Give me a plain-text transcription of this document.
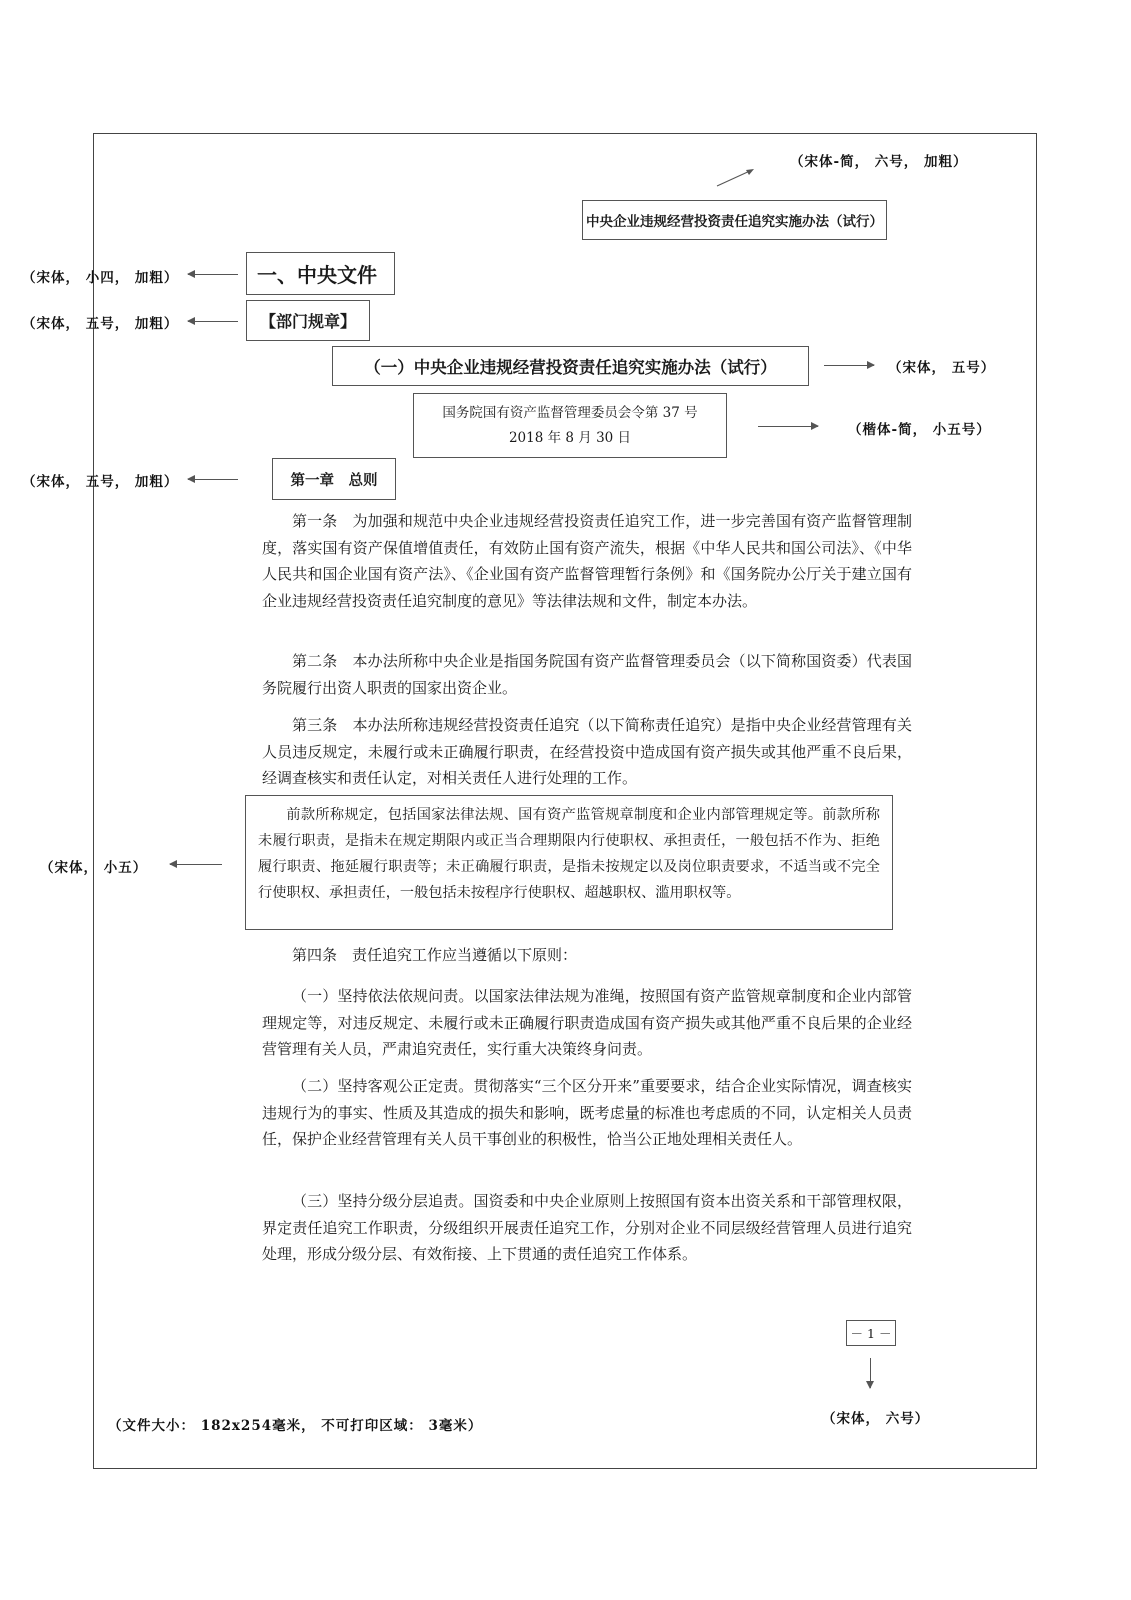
（宋体-简， 六号， 加粗）
中央企业违规经营投资责任追究实施办法（试行）
（宋体， 小四， 加粗）	一、中央文件
（宋体， 五号， 加粗）	【部门规章】
（一）中央企业违规经营投资责任追究实施办法（试行）	（宋体， 五号）
国务院国有资产监督管理委员会令第 37 号
2018 年 8 月 30 日	（楷体-简， 小五号）
（宋体， 五号， 加粗）	第一章　总则
第一条　为加强和规范中央企业违规经营投资责任追究工作，进一步完善国有资产监督管理制度，落实国有资产保值增值责任，有效防止国有资产流失，根据《中华人民共和国公司法》、《中华人民共和国企业国有资产法》、《企业国有资产监督管理暂行条例》和《国务院办公厅关于建立国有企业违规经营投资责任追究制度的意见》等法律法规和文件，制定本办法。
第二条　本办法所称中央企业是指国务院国有资产监督管理委员会（以下简称国资委）代表国务院履行出资人职责的国家出资企业。
第三条　本办法所称违规经营投资责任追究（以下简称责任追究）是指中央企业经营管理有关人员违反规定，未履行或未正确履行职责，在经营投资中造成国有资产损失或其他严重不良后果，经调查核实和责任认定，对相关责任人进行处理的工作。
（宋体， 小五）
前款所称规定，包括国家法律法规、国有资产监管规章制度和企业内部管理规定等。前款所称未履行职责，是指未在规定期限内或正当合理期限内行使职权、承担责任，一般包括不作为、拒绝履行职责、拖延履行职责等；未正确履行职责，是指未按规定以及岗位职责要求，不适当或不完全行使职权、承担责任，一般包括未按程序行使职权、超越职权、滥用职权等。
第四条　责任追究工作应当遵循以下原则：
（一）坚持依法依规问责。以国家法律法规为准绳，按照国有资产监管规章制度和企业内部管理规定等，对违反规定、未履行或未正确履行职责造成国有资产损失或其他严重不良后果的企业经营管理有关人员，严肃追究责任，实行重大决策终身问责。
（二）坚持客观公正定责。贯彻落实“三个区分开来”重要要求，结合企业实际情况，调查核实违规行为的事实、性质及其造成的损失和影响，既考虑量的标准也考虑质的不同，认定相关人员责任，保护企业经营管理有关人员干事创业的积极性，恰当公正地处理相关责任人。
（三）坚持分级分层追责。国资委和中央企业原则上按照国有资本出资关系和干部管理权限，界定责任追究工作职责，分级组织开展责任追究工作，分别对企业不同层级经营管理人员进行追究处理，形成分级分层、有效衔接、上下贯通的责任追究工作体系。
－ 1 －
（宋体， 六号）
（文件大小： 182x254毫米， 不可打印区域： 3毫米）
